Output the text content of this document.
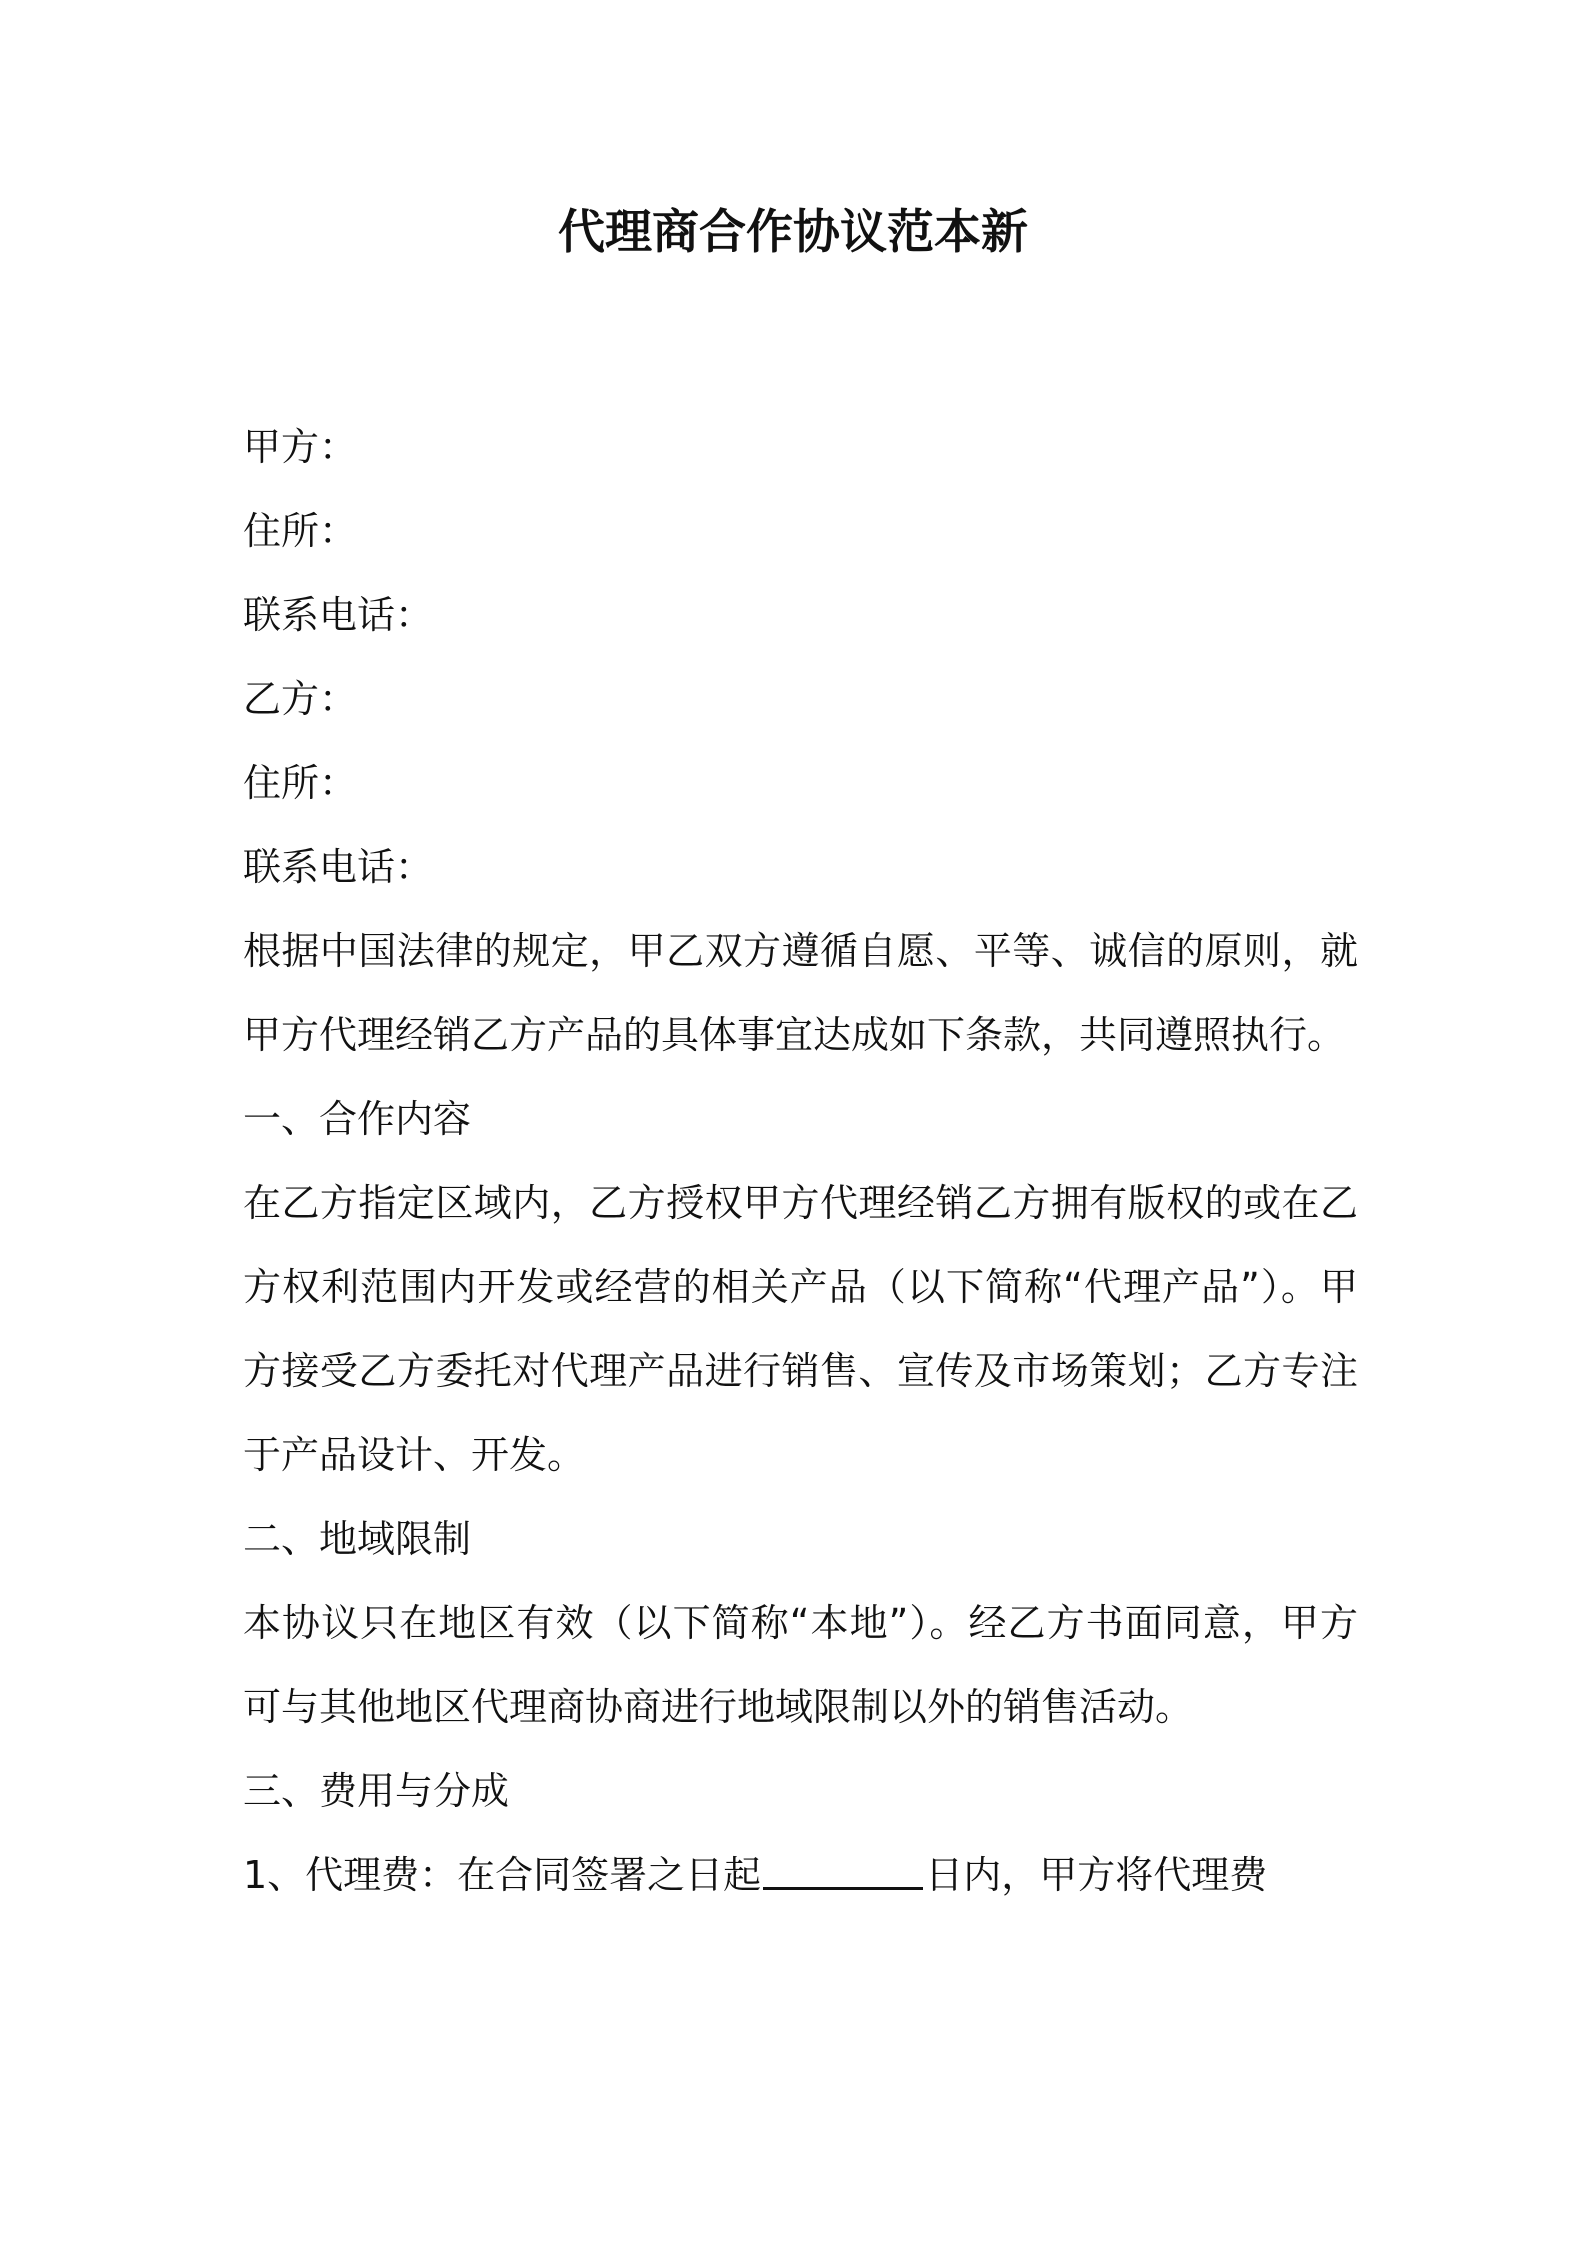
代理商合作协议范本新

甲方：

住所：

联系电话：

乙方：

住所：

联系电话：

根据中国法律的规定，甲乙双方遵循自愿、平等、诚信的原则，就甲方代理经销乙方产品的具体事宜达成如下条款，共同遵照执行。

一、合作内容

在乙方指定区域内，乙方授权甲方代理经销乙方拥有版权的或在乙方权利范围内开发或经营的相关产品（以下简称“代理产品”）。甲方接受乙方委托对代理产品进行销售、宣传及市场策划；乙方专注于产品设计、开发。

二、地域限制

本协议只在地区有效（以下简称“本地”）。经乙方书面同意，甲方可与其他地区代理商协商进行地域限制以外的销售活动。

三、费用与分成

1、代理费：在合同签署之日起	日内，甲方将代理费
